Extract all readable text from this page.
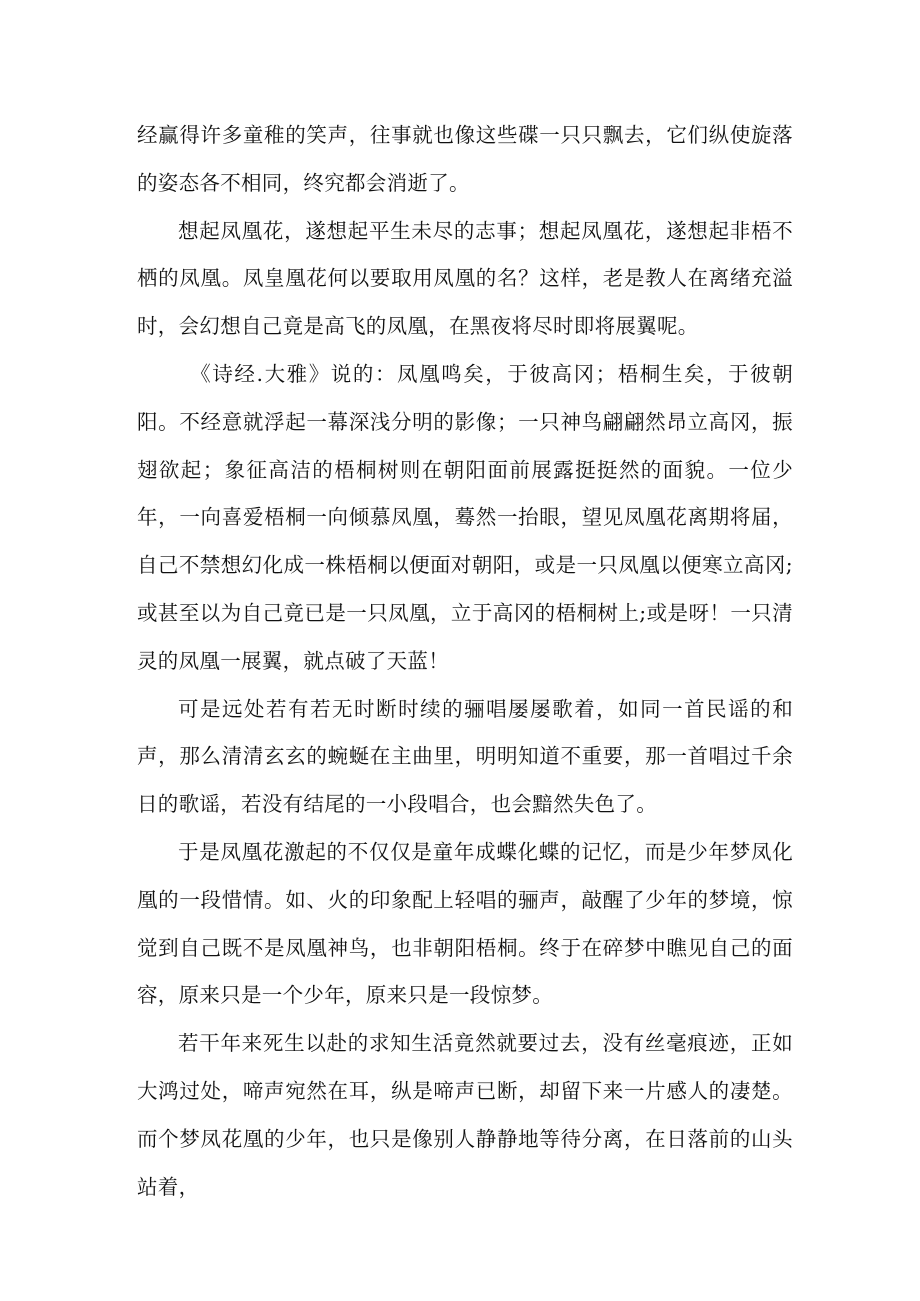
经赢得许多童稚的笑声，往事就也像这些碟一只只飘去，它们纵使旋落的姿态各不相同，终究都会消逝了。

想起凤凰花，遂想起平生未尽的志事；想起凤凰花，遂想起非梧不栖的凤凰。凤皇凰花何以要取用凤凰的名？这样，老是教人在离绪充溢时，会幻想自己竟是高飞的凤凰，在黑夜将尽时即将展翼呢。

《诗经.大雅》说的：凤凰鸣矣，于彼高冈；梧桐生矣，于彼朝阳。不经意就浮起一幕深浅分明的影像；一只神鸟翩翩然昂立高冈，振翅欲起；象征高洁的梧桐树则在朝阳面前展露挺挺然的面貌。一位少年，一向喜爱梧桐一向倾慕凤凰，蓦然一抬眼，望见凤凰花离期将届，自己不禁想幻化成一株梧桐以便面对朝阳，或是一只凤凰以便寒立高冈;或甚至以为自己竟已是一只凤凰，立于高冈的梧桐树上;或是呀！一只清灵的凤凰一展翼，就点破了天蓝！

可是远处若有若无时断时续的骊唱屡屡歌着，如同一首民谣的和声，那么清清玄玄的蜿蜒在主曲里，明明知道不重要，那一首唱过千余日的歌谣，若没有结尾的一小段唱合，也会黯然失色了。

于是凤凰花激起的不仅仅是童年成蝶化蝶的记忆，而是少年梦凤化凰的一段惜情。如、火的印象配上轻唱的骊声，敲醒了少年的梦境，惊觉到自己既不是凤凰神鸟，也非朝阳梧桐。终于在碎梦中瞧见自己的面容，原来只是一个少年，原来只是一段惊梦。

若干年来死生以赴的求知生活竟然就要过去，没有丝毫痕迹，正如大鸿过处，啼声宛然在耳，纵是啼声已断，却留下来一片感人的凄楚。而个梦凤花凰的少年，也只是像别人静静地等待分离，在日落前的山头站着，
